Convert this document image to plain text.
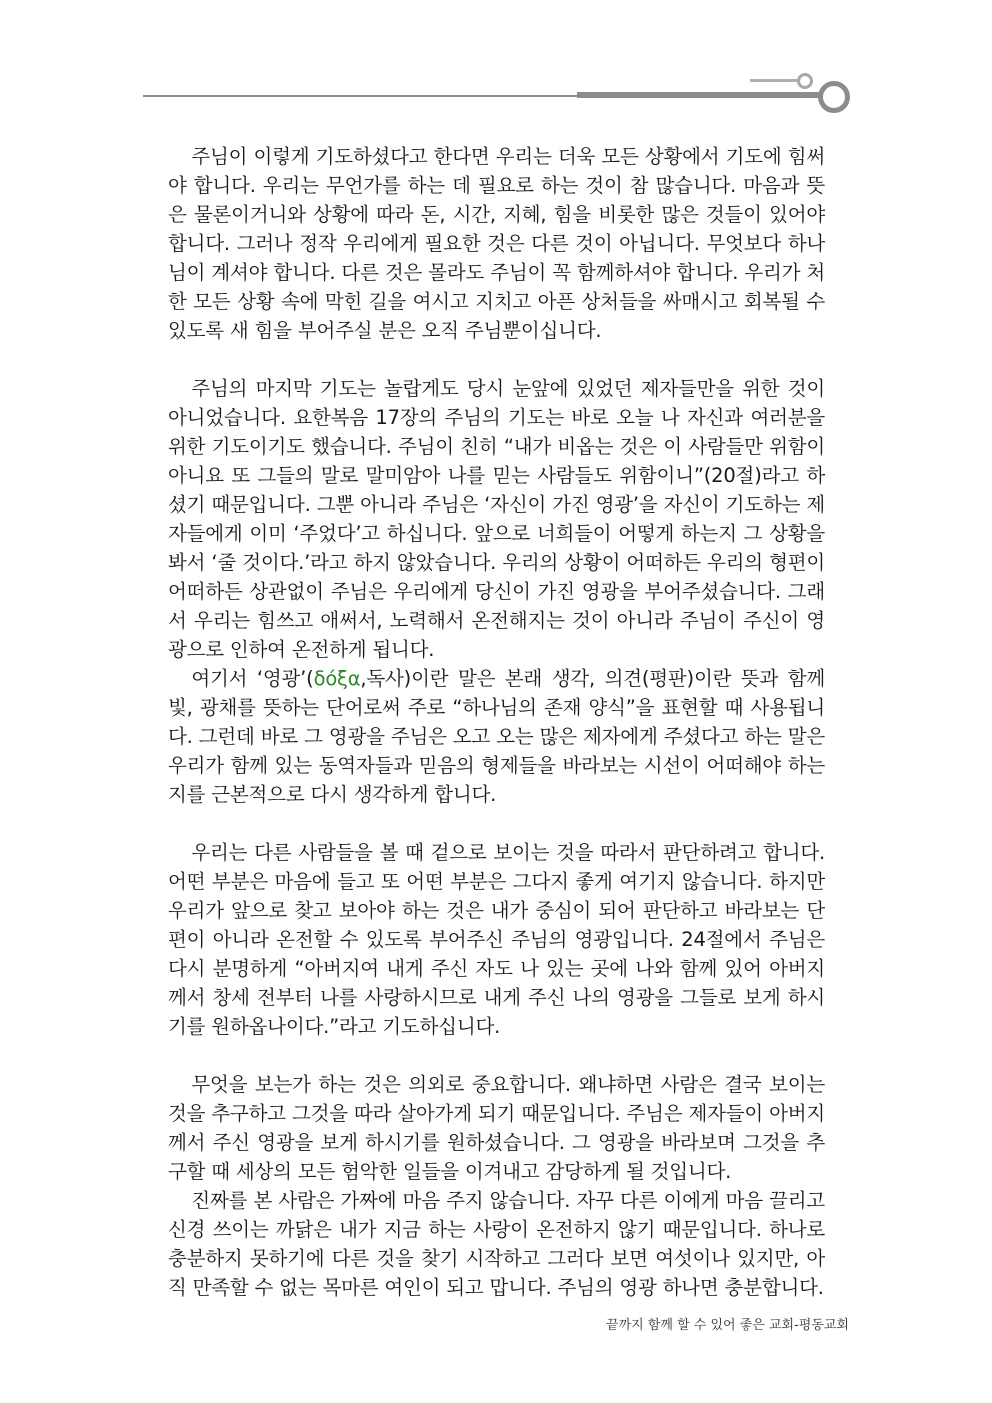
주님이 이렇게 기도하셨다고 한다면 우리는 더욱 모든 상황에서 기도에 힘써야 합니다. 우리는 무언가를 하는 데 필요로 하는 것이 참 많습니다. 마음과 뜻은 물론이거니와 상황에 따라 돈, 시간, 지혜, 힘을 비롯한 많은 것들이 있어야 합니다. 그러나 정작 우리에게 필요한 것은 다른 것이 아닙니다. 무엇보다 하나님이 계셔야 합니다. 다른 것은 몰라도 주님이 꼭 함께하셔야 합니다. 우리가 처한 모든 상황 속에 막힌 길을 여시고 지치고 아픈 상처들을 싸매시고 회복될 수 있도록 새 힘을 부어주실 분은 오직 주님뿐이십니다.

주님의 마지막 기도는 놀랍게도 당시 눈앞에 있었던 제자들만을 위한 것이 아니었습니다. 요한복음 17장의 주님의 기도는 바로 오늘 나 자신과 여러분을 위한 기도이기도 했습니다. 주님이 친히 “내가 비옵는 것은 이 사람들만 위함이 아니요 또 그들의 말로 말미암아 나를 믿는 사람들도 위함이니”(20절)라고 하셨기 때문입니다. 그뿐 아니라 주님은 ‘자신이 가진 영광’을 자신이 기도하는 제자들에게 이미 ‘주었다’고 하십니다. 앞으로 너희들이 어떻게 하는지 그 상황을 봐서 ‘줄 것이다.’라고 하지 않았습니다. 우리의 상황이 어떠하든 우리의 형편이 어떠하든 상관없이 주님은 우리에게 당신이 가진 영광을 부어주셨습니다. 그래서 우리는 힘쓰고 애써서, 노력해서 온전해지는 것이 아니라 주님이 주신이 영광으로 인하여 온전하게 됩니다.

여기서 ‘영광’(δόξα,독사)이란 말은 본래 생각, 의견(평판)이란 뜻과 함께 빛, 광채를 뜻하는 단어로써 주로 “하나님의 존재 양식”을 표현할 때 사용됩니다. 그런데 바로 그 영광을 주님은 오고 오는 많은 제자에게 주셨다고 하는 말은 우리가 함께 있는 동역자들과 믿음의 형제들을 바라보는 시선이 어떠해야 하는지를 근본적으로 다시 생각하게 합니다.

우리는 다른 사람들을 볼 때 겉으로 보이는 것을 따라서 판단하려고 합니다. 어떤 부분은 마음에 들고 또 어떤 부분은 그다지 좋게 여기지 않습니다. 하지만 우리가 앞으로 찾고 보아야 하는 것은 내가 중심이 되어 판단하고 바라보는 단편이 아니라 온전할 수 있도록 부어주신 주님의 영광입니다. 24절에서 주님은 다시 분명하게 “아버지여 내게 주신 자도 나 있는 곳에 나와 함께 있어 아버지께서 창세 전부터 나를 사랑하시므로 내게 주신 나의 영광을 그들로 보게 하시기를 원하옵나이다.”라고 기도하십니다.

무엇을 보는가 하는 것은 의외로 중요합니다. 왜냐하면 사람은 결국 보이는 것을 추구하고 그것을 따라 살아가게 되기 때문입니다. 주님은 제자들이 아버지께서 주신 영광을 보게 하시기를 원하셨습니다. 그 영광을 바라보며 그것을 추구할 때 세상의 모든 험악한 일들을 이겨내고 감당하게 될 것입니다.

진짜를 본 사람은 가짜에 마음 주지 않습니다. 자꾸 다른 이에게 마음 끌리고 신경 쓰이는 까닭은 내가 지금 하는 사랑이 온전하지 않기 때문입니다. 하나로 충분하지 못하기에 다른 것을 찾기 시작하고 그러다 보면 여섯이나 있지만, 아직 만족할 수 없는 목마른 여인이 되고 맙니다. 주님의 영광 하나면 충분합니다.

끝까지 함께 할 수 있어 좋은 교회-평동교회
